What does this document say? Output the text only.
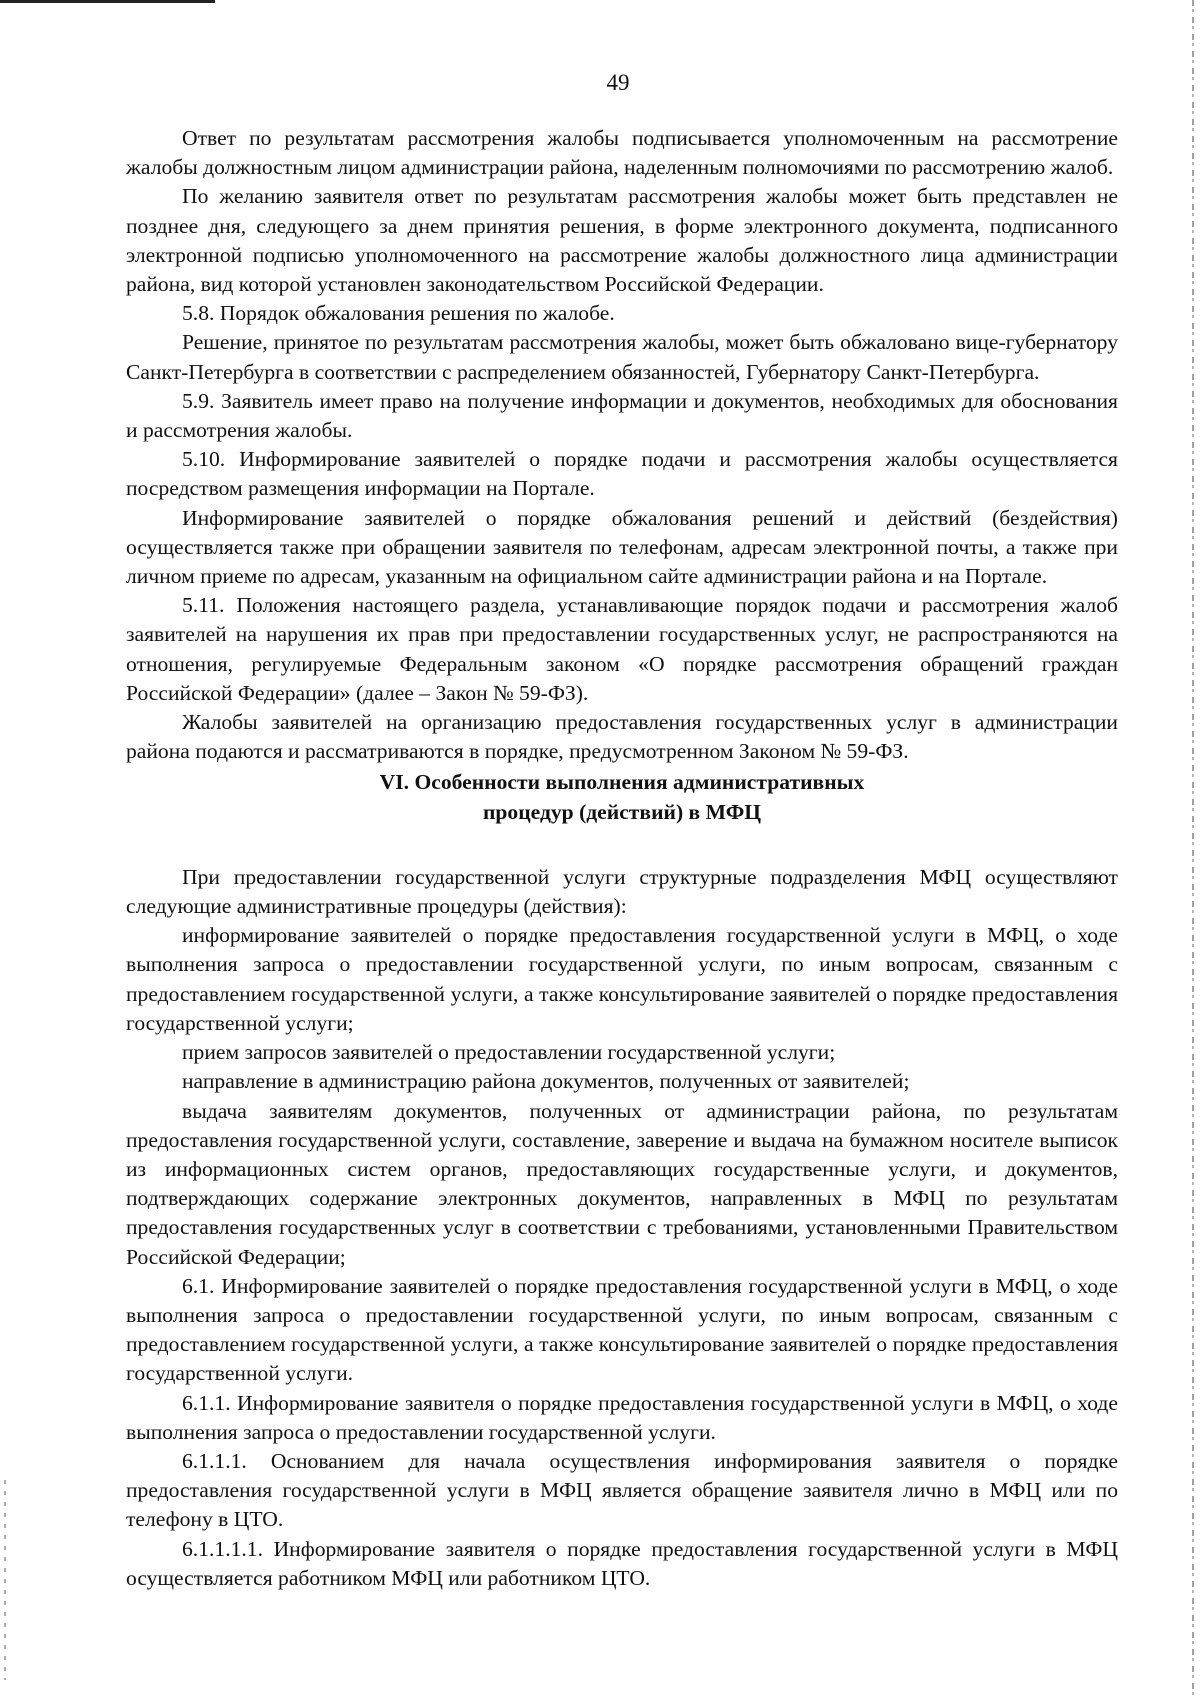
49

Ответ по результатам рассмотрения жалобы подписывается уполномоченным на рассмотрение жалобы должностным лицом администрации района, наделенным полномочиями по рассмотрению жалоб.

По желанию заявителя ответ по результатам рассмотрения жалобы может быть представлен не позднее дня, следующего за днем принятия решения, в форме электронного документа, подписанного электронной подписью уполномоченного на рассмотрение жалобы должностного лица администрации района, вид которой установлен законодательством Российской Федерации.

5.8. Порядок обжалования решения по жалобе.

Решение, принятое по результатам рассмотрения жалобы, может быть обжаловано вице-губернатору Санкт-Петербурга в соответствии с распределением обязанностей, Губернатору Санкт-Петербурга.

5.9. Заявитель имеет право на получение информации и документов, необходимых для обоснования и рассмотрения жалобы.

5.10. Информирование заявителей о порядке подачи и рассмотрения жалобы осуществляется посредством размещения информации на Портале.

Информирование заявителей о порядке обжалования решений и действий (бездействия) осуществляется также при обращении заявителя по телефонам, адресам электронной почты, а также при личном приеме по адресам, указанным на официальном сайте администрации района и на Портале.

5.11. Положения настоящего раздела, устанавливающие порядок подачи и рассмотрения жалоб заявителей на нарушения их прав при предоставлении государственных услуг, не распространяются на отношения, регулируемые Федеральным законом «О порядке рассмотрения обращений граждан Российской Федерации» (далее – Закон № 59-ФЗ).

Жалобы заявителей на организацию предоставления государственных услуг в администрации района подаются и рассматриваются в порядке, предусмотренном Законом № 59-ФЗ.

VI. Особенности выполнения административных
процедур (действий) в МФЦ

При предоставлении государственной услуги структурные подразделения МФЦ осуществляют следующие административные процедуры (действия):

информирование заявителей о порядке предоставления государственной услуги в МФЦ, о ходе выполнения запроса о предоставлении государственной услуги, по иным вопросам, связанным с предоставлением государственной услуги, а также консультирование заявителей о порядке предоставления государственной услуги;

прием запросов заявителей о предоставлении государственной услуги;

направление в администрацию района документов, полученных от заявителей;

выдача заявителям документов, полученных от администрации района, по результатам предоставления государственной услуги, составление, заверение и выдача на бумажном носителе выписок из информационных систем органов, предоставляющих государственные услуги, и документов, подтверждающих содержание электронных документов, направленных в МФЦ по результатам предоставления государственных услуг в соответствии с требованиями, установленными Правительством Российской Федерации;

6.1. Информирование заявителей о порядке предоставления государственной услуги в МФЦ, о ходе выполнения запроса о предоставлении государственной услуги, по иным вопросам, связанным с предоставлением государственной услуги, а также консультирование заявителей о порядке предоставления государственной услуги.

6.1.1. Информирование заявителя о порядке предоставления государственной услуги в МФЦ, о ходе выполнения запроса о предоставлении государственной услуги.

6.1.1.1. Основанием для начала осуществления информирования заявителя о порядке предоставления государственной услуги в МФЦ является обращение заявителя лично в МФЦ или по телефону в ЦТО.

6.1.1.1.1. Информирование заявителя о порядке предоставления государственной услуги в МФЦ осуществляется работником МФЦ или работником ЦТО.
